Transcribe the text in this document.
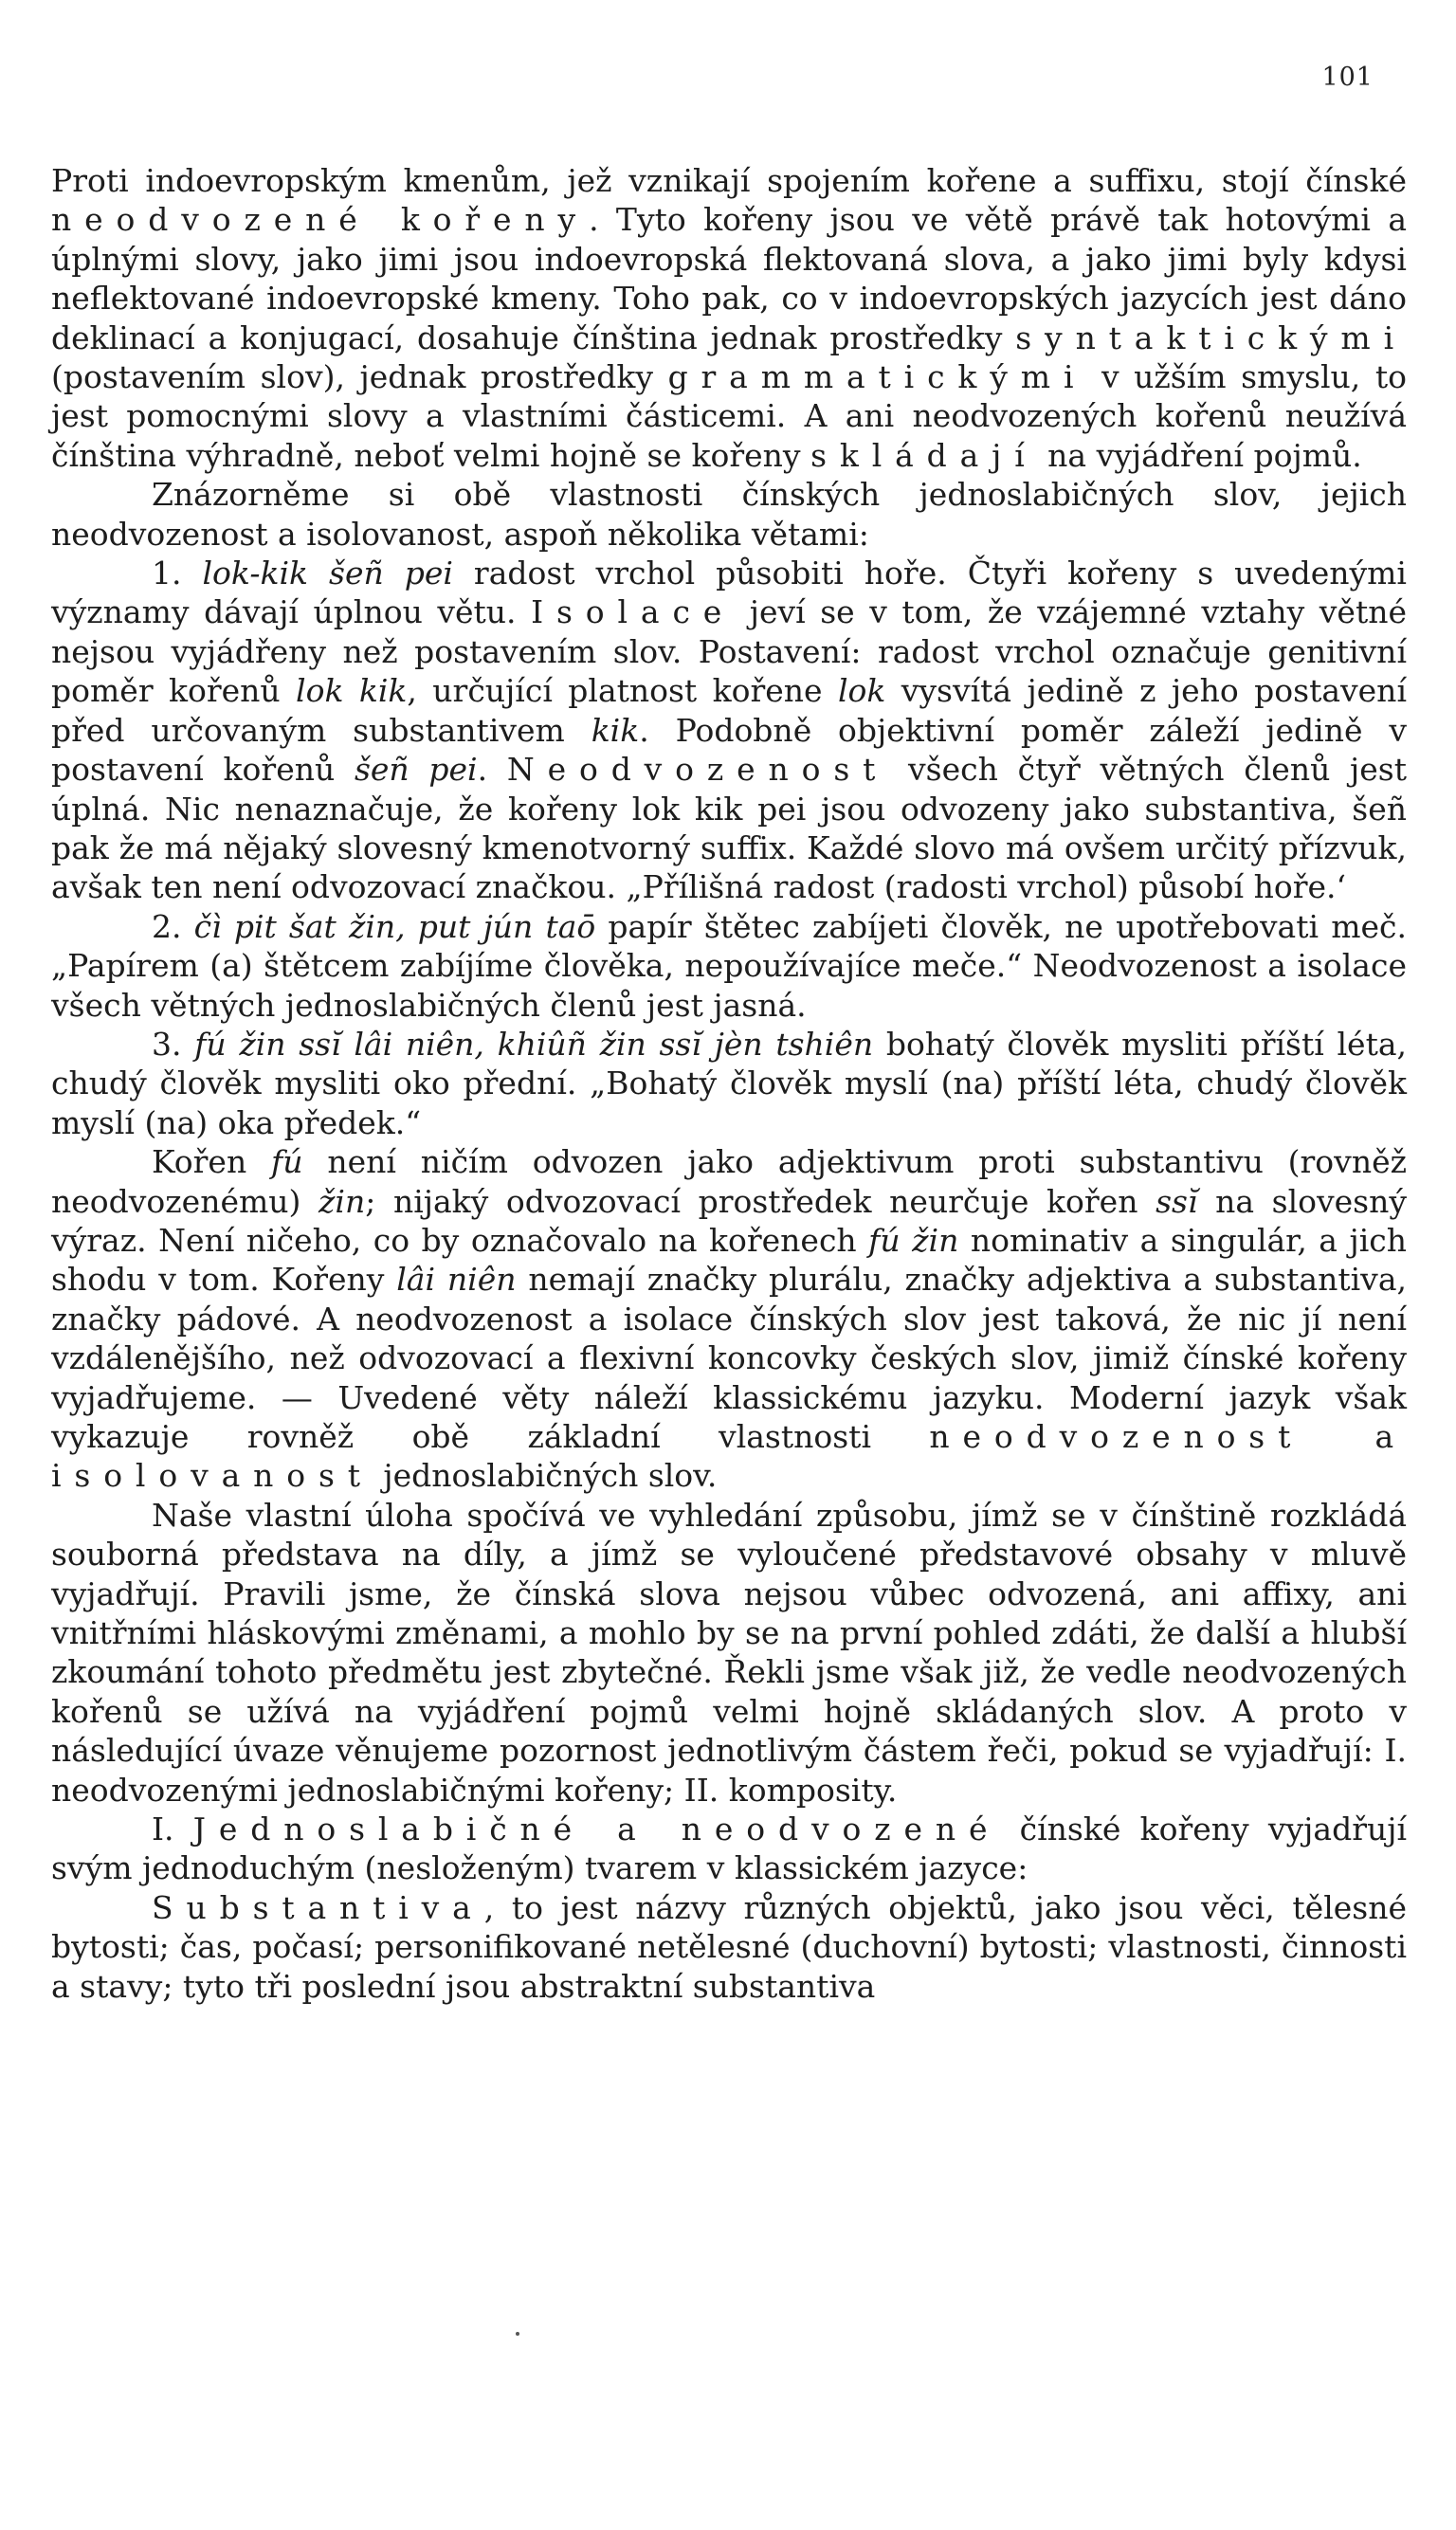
101

Proti indoevropským kmenům, jež vznikají spojením kořene a suffixu, stojí čínské neodvozené kořeny. Tyto kořeny jsou ve větě právě tak hotovými a úplnými slovy, jako jimi jsou indoevropská flektovaná slova, a jako jimi byly kdysi neflektované indoevropské kmeny. Toho pak, co v indoevropských jazycích jest dáno deklinací a konjugací, dosahuje čínština jednak prostředky syntaktickými (postavením slov), jednak prostředky grammatickými v užším smyslu, to jest pomocnými slovy a vlastními částicemi. A ani neodvozených kořenů neužívá čínština výhradně, neboť velmi hojně se kořeny skládají na vyjádření pojmů.

Znázorněme si obě vlastnosti čínských jednoslabičných slov, jejich neodvozenost a isolovanost, aspoň několika větami:

1. lok-kik šeñ pei radost vrchol působiti hoře. Čtyři kořeny s uvedenými významy dávají úplnou větu. Isolace jeví se v tom, že vzájemné vztahy větné nejsou vyjádřeny než postavením slov. Postavení: radost vrchol označuje genitivní poměr kořenů lok kik, určující platnost kořene lok vysvítá jedině z jeho postavení před určovaným substantivem kik. Podobně objektivní poměr záleží jedině v postavení kořenů šeñ pei. Neodvozenost všech čtyř větných členů jest úplná. Nic nenaznačuje, že kořeny lok kik pei jsou odvozeny jako substantiva, šeñ pak že má nějaký slovesný kmenotvorný suffix. Každé slovo má ovšem určitý přízvuk, avšak ten není odvozovací značkou. „Přílišná radost (radosti vrchol) působí hoře.‘

2. čì pit šat žin, put jún taō papír štětec zabíjeti člověk, ne upotřebovati meč. „Papírem (a) štětcem zabíjíme člověka, nepoužívajíce meče.“ Neodvozenost a isolace všech větných jednoslabičných členů jest jasná.

3. fú žin ssĭ lâi niên, khiûñ žin ssĭ jèn tshiên bohatý člověk mysliti příští léta, chudý člověk mysliti oko přední. „Bohatý člověk myslí (na) příští léta, chudý člověk myslí (na) oka předek.“

Kořen fú není ničím odvozen jako adjektivum proti substantivu (rovněž neodvozenému) žin; nijaký odvozovací prostředek neurčuje kořen ssĭ na slovesný výraz. Není ničeho, co by označovalo na kořenech fú žin nominativ a singulár, a jich shodu v tom. Kořeny lâi niên nemají značky plurálu, značky adjektiva a substantiva, značky pádové. A neodvozenost a isolace čínských slov jest taková, že nic jí není vzdálenějšího, než odvozovací a flexivní koncovky českých slov, jimiž čínské kořeny vyjadřujeme. — Uvedené věty náleží klassickému jazyku. Moderní jazyk však vykazuje rovněž obě základní vlastnosti neodvozenost a isolovanost jednoslabičných slov.

Naše vlastní úloha spočívá ve vyhledání způsobu, jímž se v čínštině rozkládá souborná představa na díly, a jímž se vyloučené představové obsahy v mluvě vyjadřují. Pravili jsme, že čínská slova nejsou vůbec odvozená, ani affixy, ani vnitřními hláskovými změnami, a mohlo by se na první pohled zdáti, že další a hlubší zkoumání tohoto předmětu jest zbytečné. Řekli jsme však již, že vedle neodvozených kořenů se užívá na vyjádření pojmů velmi hojně skládaných slov. A proto v následující úvaze věnujeme pozornost jednotlivým částem řeči, pokud se vyjadřují: I. neodvozenými jednoslabičnými kořeny; II. komposity.

I. Jednoslabičné a neodvozené čínské kořeny vyjadřují svým jednoduchým (nesloženým) tvarem v klassickém jazyce:

Substantiva, to jest názvy různých objektů, jako jsou věci, tělesné bytosti; čas, počasí; personifikované netělesné (duchovní) bytosti; vlastnosti, činnosti a stavy; tyto tři poslední jsou abstraktní substantiva
